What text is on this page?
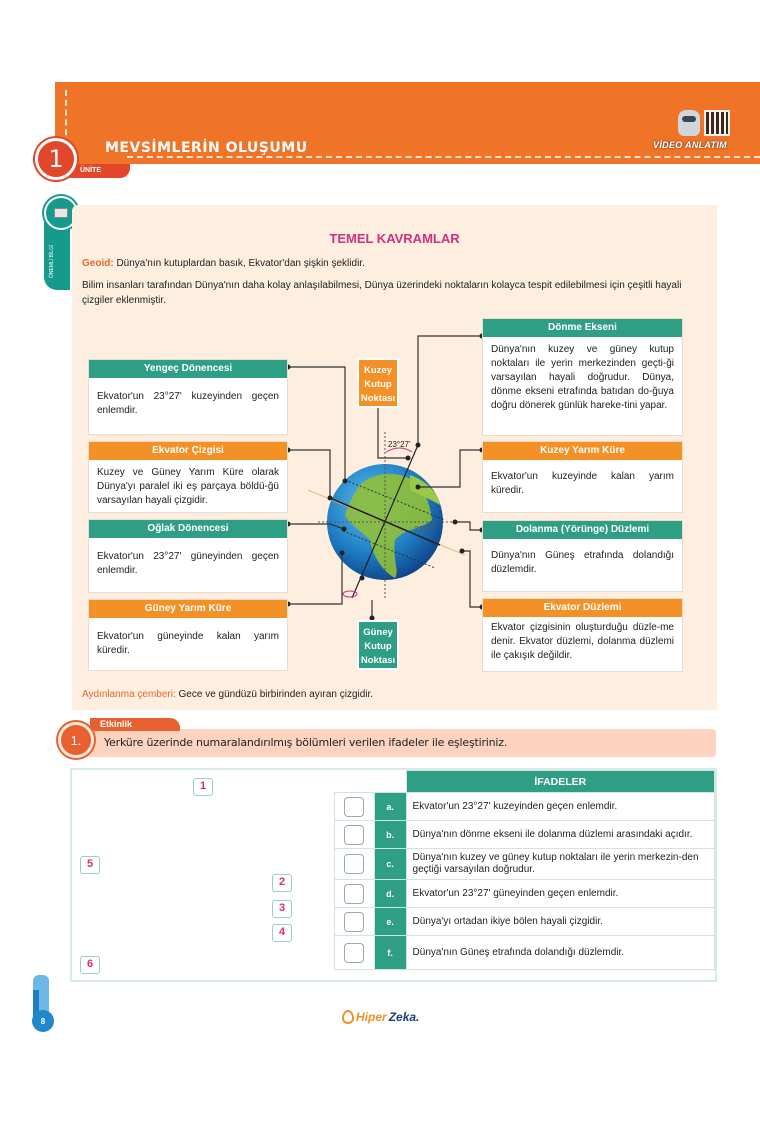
MEVSİMLERİN OLUŞUMU
1	ÜNİTE
VİDEO ANLATIM
ÖNEMLİ BİLGİ
TEMEL KAVRAMLAR

Geoid: Dünya'nın kutuplardan basık, Ekvator'dan şişkin şeklidir.

Bilim insanları tarafından Dünya'nın daha kolay anlaşılabilmesi, Dünya üzerindeki noktaların kolayca tespit edilebilmesi için çeşitli hayali çizgiler eklenmiştir.

Aydınlanma çemberi: Gece ve gündüzü birbirinden ayıran çizgidir.

23°27'
23°27'
Yengeç Dönencesi
Ekvator'un 23°27' kuzeyinden geçen enlemdir.
Ekvator Çizgisi
Kuzey ve Güney Yarım Küre olarak Dünya'yı paralel iki eş parçaya böldü-ğü varsayılan hayali çizgidir.
Oğlak Dönencesi
Ekvator'un 23°27' güneyinden geçen enlemdir.
Güney Yarım Küre
Ekvator'un güneyinde kalan yarım küredir.
Dönme Ekseni
Dünya'nın kuzey ve güney kutup noktaları ile yerin merkezinden geçti-ği varsayılan hayali doğrudur. Dünya, dönme ekseni etrafında batıdan do-ğuya doğru dönerek günlük hareke-tini yapar.
Kuzey Yarım Küre
Ekvator'un kuzeyinde kalan yarım küredir.
Dolanma (Yörünge) Düzlemi
Dünya'nın Güneş etrafında dolandığı düzlemdir.
Ekvator Düzlemi
Ekvator çizgisinin oluşturduğu düzle-me denir. Ekvator düzlemi, dolanma düzlemi ile çakışık değildir.
Kuzey Kutup Noktası
Güney Kutup Noktası
Yerküre üzerinde numaralandırılmış bölümleri verilen ifadeler ile eşleştiriniz.
Etkinlik
1.
1
2
3
4
5
6
		İFADELER
	a.	Ekvator'un 23°27' kuzeyinden geçen enlemdir.
	b.	Dünya'nın dönme ekseni ile dolanma düzlemi arasındaki açıdır.
	c.	Dünya'nın kuzey ve güney kutup noktaları ile yerin merkezin-den geçtiği varsayılan doğrudur.
	d.	Ekvator'un 23°27' güneyinden geçen enlemdir.
	e.	Dünya'yı ortadan ikiye bölen hayali çizgidir.
	f.	Dünya'nın Güneş etrafında dolandığı düzlemdir.
8	Hiper Zeka.
